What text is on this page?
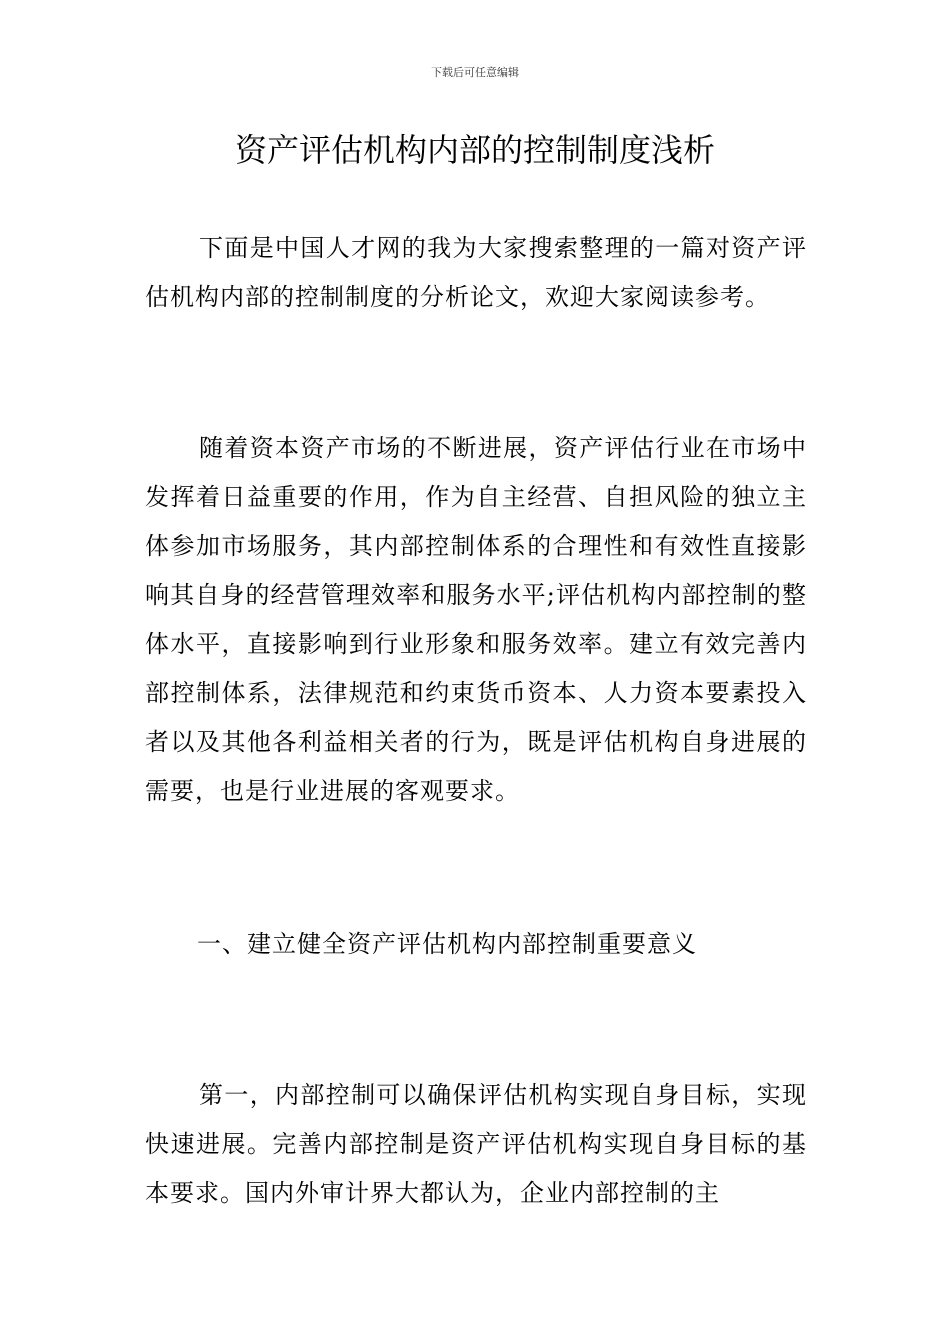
下载后可任意编辑
资产评估机构内部的控制制度浅析

下面是中国人才网的我为大家搜索整理的一篇对资产评估机构内部的控制制度的分析论文，欢迎大家阅读参考。

随着资本资产市场的不断进展，资产评估行业在市场中发挥着日益重要的作用，作为自主经营、自担风险的独立主体参加市场服务，其内部控制体系的合理性和有效性直接影响其自身的经营管理效率和服务水平;评估机构内部控制的整体水平，直接影响到行业形象和服务效率。建立有效完善内部控制体系，法律规范和约束货币资本、人力资本要素投入者以及其他各利益相关者的行为，既是评估机构自身进展的需要，也是行业进展的客观要求。

一、建立健全资产评估机构内部控制重要意义

第一，内部控制可以确保评估机构实现自身目标，实现快速进展。完善内部控制是资产评估机构实现自身目标的基本要求。国内外审计界大都认为，企业内部控制的主
